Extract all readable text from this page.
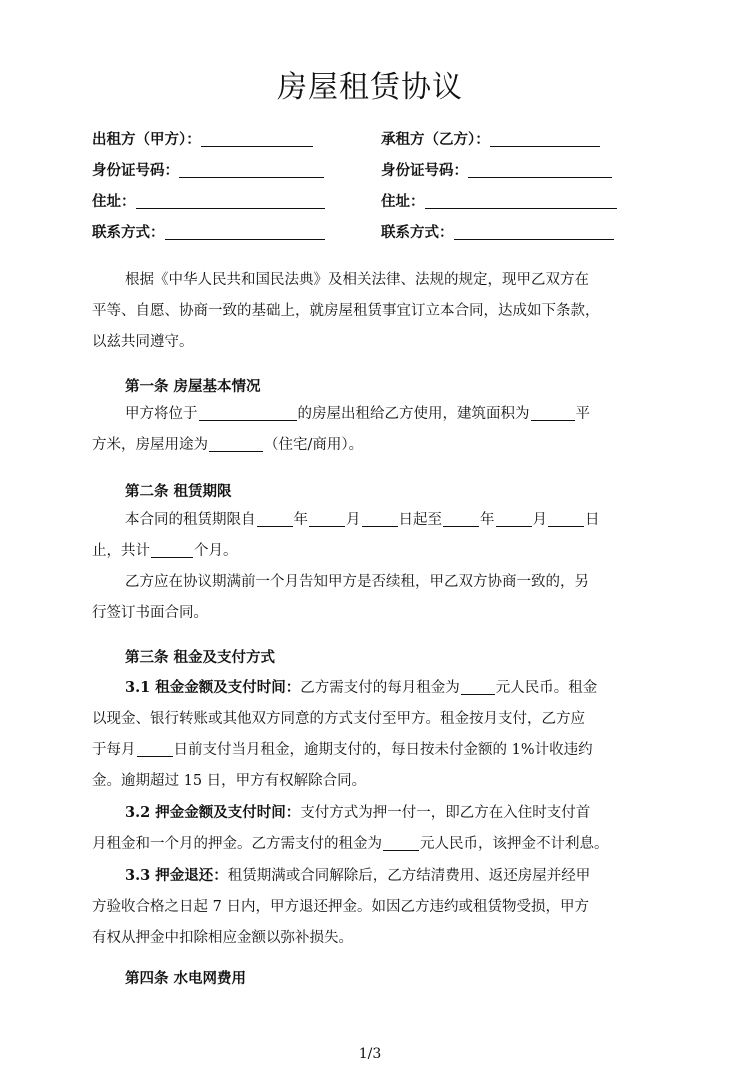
房屋租赁协议
出租方（甲方）：	承租方（乙方）：
身份证号码：	身份证号码：
住址：	住址：
联系方式：	联系方式：
根据《中华人民共和国民法典》及相关法律、法规的规定，现甲乙双方在
平等、自愿、协商一致的基础上，就房屋租赁事宜订立本合同，达成如下条款，
以兹共同遵守。
第一条 房屋基本情况
甲方将位于	的房屋出租给乙方使用，建筑面积为	平
方米，房屋用途为	（住宅/商用）。
第二条 租赁期限
本合同的租赁期限自	年	月	日起至	年	月	日
止，共计	个月。
乙方应在协议期满前一个月告知甲方是否续租，甲乙双方协商一致的，另
行签订书面合同。
第三条 租金及支付方式
3.1 租金金额及支付时间：乙方需支付的每月租金为 元人民币。租金
以现金、银行转账或其他双方同意的方式支付至甲方。租金按月支付，乙方应
于每月	日前支付当月租金，逾期支付的，每日按未付金额的 1%计收违约
金。逾期超过 15 日，甲方有权解除合同。
3.2 押金金额及支付时间：支付方式为押一付一，即乙方在入住时支付首
月租金和一个月的押金。乙方需支付的租金为	元人民币，该押金不计利息。
3.3 押金退还：租赁期满或合同解除后，乙方结清费用、返还房屋并经甲
方验收合格之日起 7 日内，甲方退还押金。如因乙方违约或租赁物受损，甲方
有权从押金中扣除相应金额以弥补损失。
第四条 水电网费用
1/3
